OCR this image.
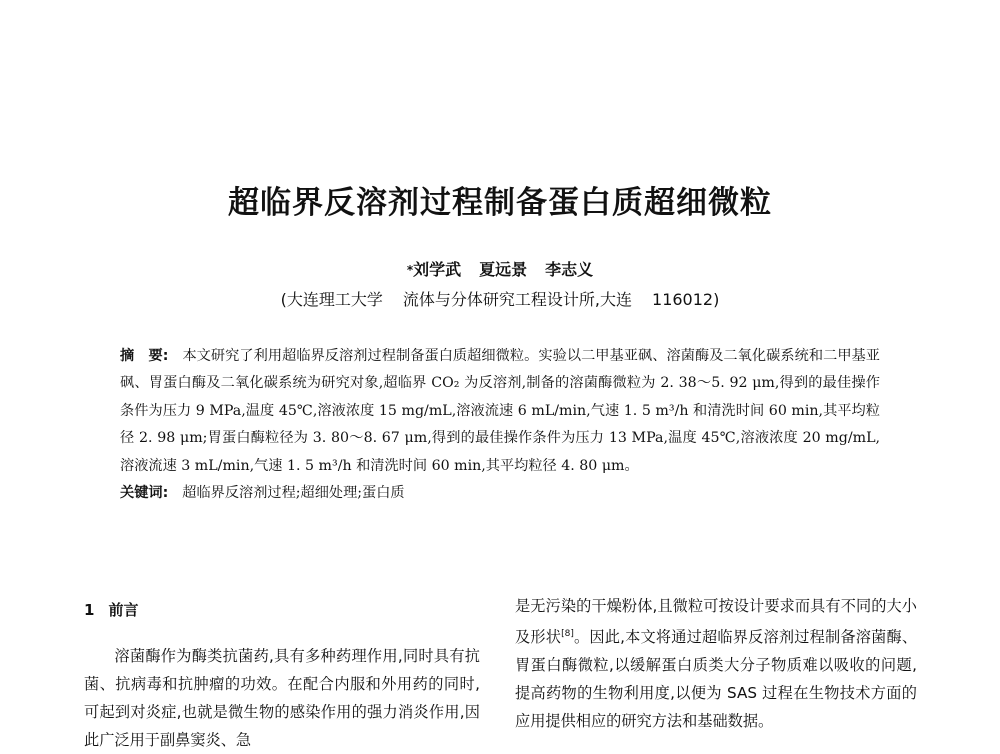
超临界反溶剂过程制备蛋白质超细微粒
*刘学武 夏远景 李志义
(大连理工大学 流体与分体研究工程设计所,大连 116012)

摘　要: 本文研究了利用超临界反溶剂过程制备蛋白质超细微粒。实验以二甲基亚砜、溶菌酶及二氧化碳系统和二甲基亚砜、胃蛋白酶及二氧化碳系统为研究对象,超临界 CO₂ 为反溶剂,制备的溶菌酶微粒为 2. 38～5. 92 μm,得到的最佳操作条件为压力 9 MPa,温度 45℃,溶液浓度 15 mg/mL,溶液流速 6 mL/min,气速 1. 5 m³/h 和清洗时间 60 min,其平均粒径 2. 98 μm;胃蛋白酶粒径为 3. 80～8. 67 μm,得到的最佳操作条件为压力 13 MPa,温度 45℃,溶液浓度 20 mg/mL,溶液流速 3 mL/min,气速 1. 5 m³/h 和清洗时间 60 min,其平均粒径 4. 80 μm。

关键词: 超临界反溶剂过程;超细处理;蛋白质

1 前言

溶菌酶作为酶类抗菌药,具有多种药理作用,同时具有抗菌、抗病毒和抗肿瘤的功效。在配合内服和外用药的同时,可起到对炎症,也就是微生物的感染作用的强力消炎作用,因此广泛用于副鼻窦炎、急

是无污染的干燥粉体,且微粒可按设计要求而具有不同的大小及形状[8]。因此,本文将通过超临界反溶剂过程制备溶菌酶、胃蛋白酶微粒,以缓解蛋白质类大分子物质难以吸收的问题,提高药物的生物利用度,以便为 SAS 过程在生物技术方面的应用提供相应的研究方法和基础数据。
